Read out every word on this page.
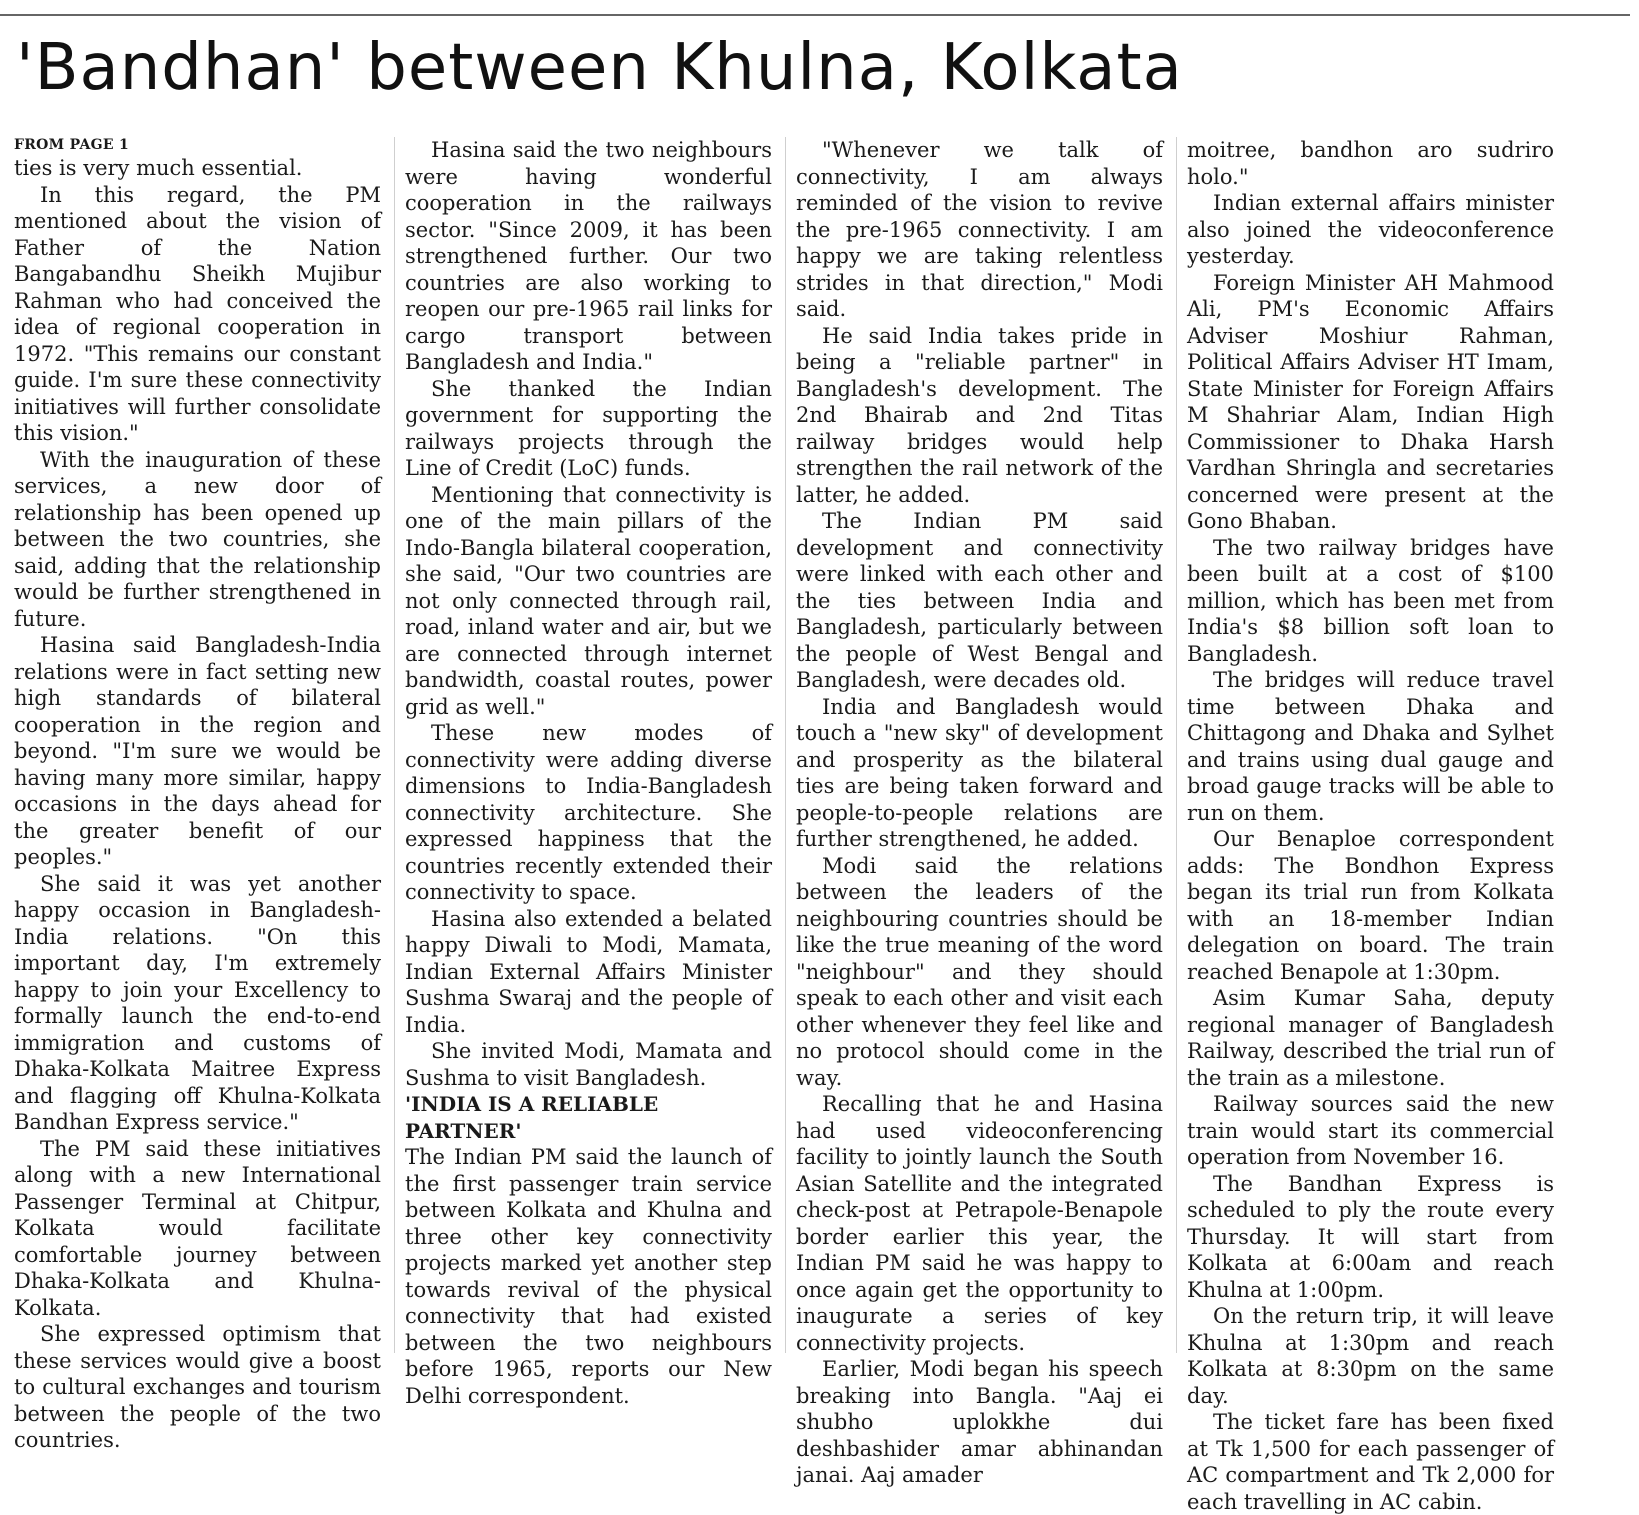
'Bandhan' between Khulna, Kolkata
FROM PAGE 1

ties is very much essential.

In this regard, the PM mentioned about the vision of Father of the Nation Bangabandhu Sheikh Mujibur Rahman who had conceived the idea of regional cooperation in 1972. "This remains our constant guide. I'm sure these connectivity initiatives will further consolidate this vision."

With the inauguration of these services, a new door of relationship has been opened up between the two countries, she said, adding that the relationship would be further strengthened in future.

Hasina said Bangladesh-India relations were in fact setting new high standards of bilateral cooperation in the region and beyond. "I'm sure we would be having many more similar, happy occasions in the days ahead for the greater benefit of our peoples."

She said it was yet another happy occasion in Bangladesh-India relations. "On this important day, I'm extremely happy to join your Excellency to formally launch the end-to-end immigration and customs of Dhaka-Kolkata Maitree Express and flagging off Khulna-Kolkata Bandhan Express service."

The PM said these initiatives along with a new International Passenger Terminal at Chitpur, Kolkata would facilitate comfortable journey between Dhaka-Kolkata and Khulna-Kolkata.

She expressed optimism that these services would give a boost to cultural exchanges and tourism between the people of the two countries.

Hasina said the two neighbours were having wonderful cooperation in the railways sector. "Since 2009, it has been strengthened further. Our two countries are also working to reopen our pre-1965 rail links for cargo transport between Bangladesh and India."

She thanked the Indian government for supporting the railways projects through the Line of Credit (LoC) funds.

Mentioning that connectivity is one of the main pillars of the Indo-Bangla bilateral cooperation, she said, "Our two countries are not only connected through rail, road, inland water and air, but we are connected through internet bandwidth, coastal routes, power grid as well."

These new modes of connectivity were adding diverse dimensions to India-Bangladesh connectivity architecture. She expressed happiness that the countries recently extended their connectivity to space.

Hasina also extended a belated happy Diwali to Modi, Mamata, Indian External Affairs Minister Sushma Swaraj and the people of India.

She invited Modi, Mamata and Sushma to visit Bangladesh.

'INDIA IS A RELIABLE PARTNER'

The Indian PM said the launch of the first passenger train service between Kolkata and Khulna and three other key connectivity projects marked yet another step towards revival of the physical connectivity that had existed between the two neighbours before 1965, reports our New Delhi correspondent.

"Whenever we talk of connectivity, I am always reminded of the vision to revive the pre-1965 connectivity. I am happy we are taking relentless strides in that direction," Modi said.

He said India takes pride in being a "reliable partner" in Bangladesh's development. The 2nd Bhairab and 2nd Titas railway bridges would help strengthen the rail network of the latter, he added.

The Indian PM said development and connectivity were linked with each other and the ties between India and Bangladesh, particularly between the people of West Bengal and Bangladesh, were decades old.

India and Bangladesh would touch a "new sky" of development and prosperity as the bilateral ties are being taken forward and people-to-people relations are further strengthened, he added.

Modi said the relations between the leaders of the neighbouring countries should be like the true meaning of the word "neighbour" and they should speak to each other and visit each other whenever they feel like and no protocol should come in the way.

Recalling that he and Hasina had used videoconferencing facility to jointly launch the South Asian Satellite and the integrated check-post at Petrapole-Benapole border earlier this year, the Indian PM said he was happy to once again get the opportunity to inaugurate a series of key connectivity projects.

Earlier, Modi began his speech breaking into Bangla. "Aaj ei shubho uplokkhe dui deshbashider amar abhinandan janai. Aaj amader

moitree, bandhon aro sudriro holo."

Indian external affairs minister also joined the videoconference yesterday.

Foreign Minister AH Mahmood Ali, PM's Economic Affairs Adviser Moshiur Rahman, Political Affairs Adviser HT Imam, State Minister for Foreign Affairs M Shahriar Alam, Indian High Commissioner to Dhaka Harsh Vardhan Shringla and secretaries concerned were present at the Gono Bhaban.

The two railway bridges have been built at a cost of $100 million, which has been met from India's $8 billion soft loan to Bangladesh.

The bridges will reduce travel time between Dhaka and Chittagong and Dhaka and Sylhet and trains using dual gauge and broad gauge tracks will be able to run on them.

Our Benaploe correspondent adds: The Bondhon Express began its trial run from Kolkata with an 18-member Indian delegation on board. The train reached Benapole at 1:30pm.

Asim Kumar Saha, deputy regional manager of Bangladesh Railway, described the trial run of the train as a milestone.

Railway sources said the new train would start its commercial operation from November 16.

The Bandhan Express is scheduled to ply the route every Thursday. It will start from Kolkata at 6:00am and reach Khulna at 1:00pm.

On the return trip, it will leave Khulna at 1:30pm and reach Kolkata at 8:30pm on the same day.

The ticket fare has been fixed at Tk 1,500 for each passenger of AC compartment and Tk 2,000 for each travelling in AC cabin.
